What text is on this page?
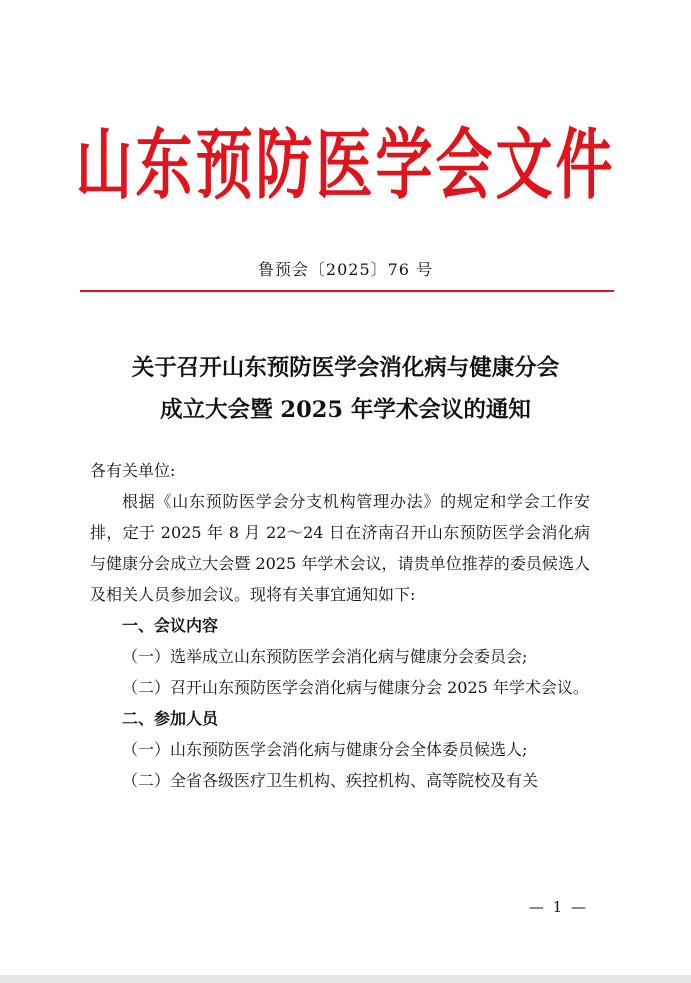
山东预防医学会文件
鲁预会〔2025〕76 号
关于召开山东预防医学会消化病与健康分会
成立大会暨 2025 年学术会议的通知

各有关单位:

根据《山东预防医学会分支机构管理办法》的规定和学会工作安排，定于 2025 年 8 月 22～24 日在济南召开山东预防医学会消化病与健康分会成立大会暨 2025 年学术会议，请贵单位推荐的委员候选人及相关人员参加会议。现将有关事宜通知如下:

一、会议内容

（一）选举成立山东预防医学会消化病与健康分会委员会;

（二）召开山东预防医学会消化病与健康分会 2025 年学术会议。

二、参加人员

（一）山东预防医学会消化病与健康分会全体委员候选人;

（二）全省各级医疗卫生机构、疾控机构、高等院校及有关

— 1 —
